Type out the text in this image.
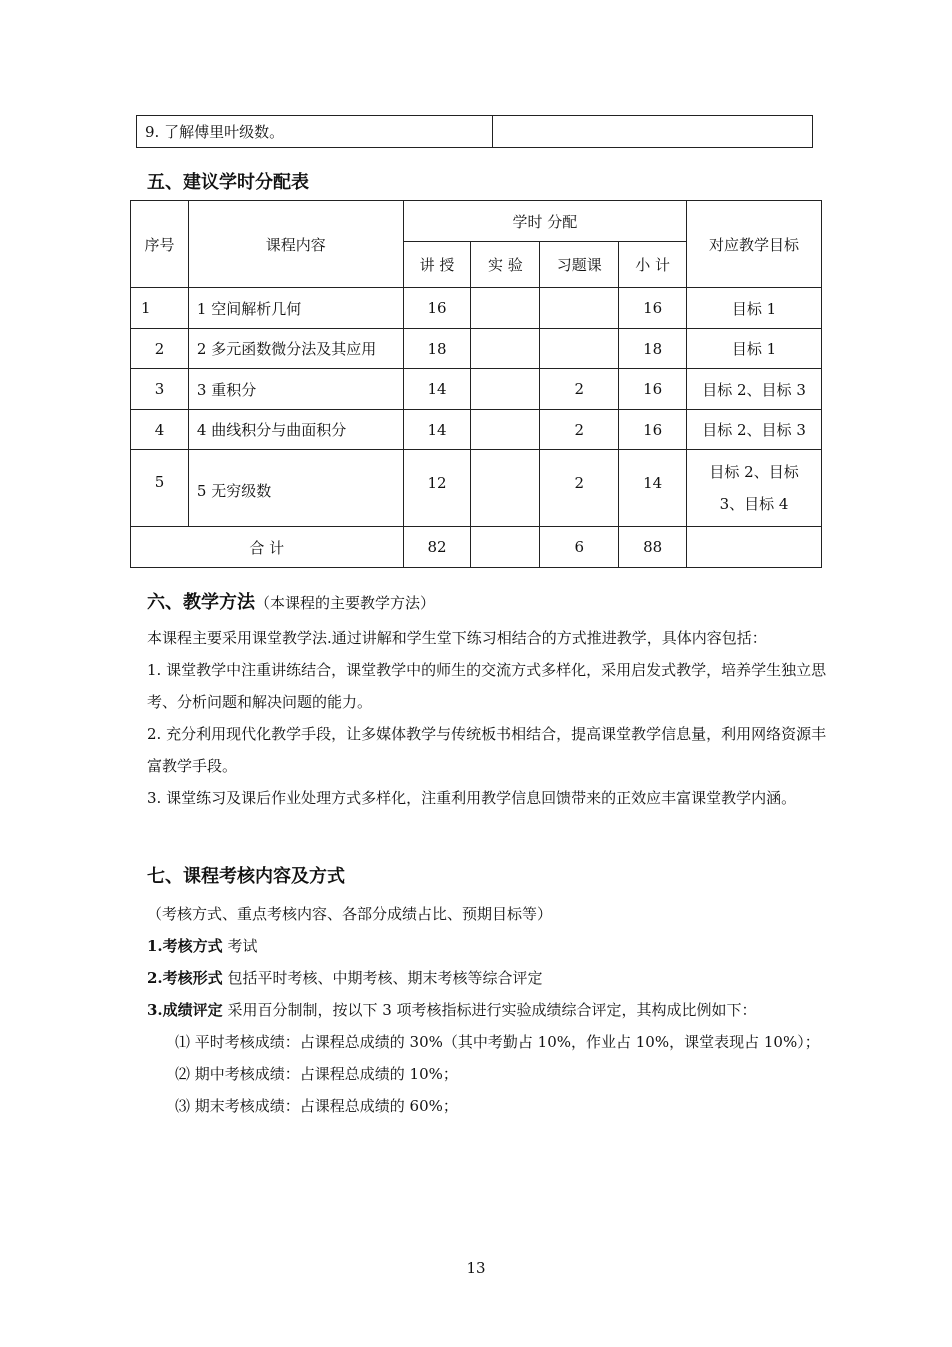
9. 了解傅里叶级数。	
五、建议学时分配表
序号	课程内容	学时 分配				对应教学目标
		讲 授	实 验	习题课	小 计	
1	1 空间解析几何	16			16	目标 1
2	2 多元函数微分法及其应用	18			18	目标 1
3	3 重积分	14		2	16	目标 2、目标 3
4	4 曲线积分与曲面积分	14		2	16	目标 2、目标 3
5	5 无穷级数	12		2	14	目标 2、目标 3、目标 4
合 计		82		6	88	
六、教学方法（本课程的主要教学方法）

本课程主要采用课堂教学法.通过讲解和学生堂下练习相结合的方式推进教学，具体内容包括：

1. 课堂教学中注重讲练结合，课堂教学中的师生的交流方式多样化，采用启发式教学，培养学生独立思考、分析问题和解决问题的能力。

2. 充分利用现代化教学手段，让多媒体教学与传统板书相结合，提高课堂教学信息量，利用网络资源丰富教学手段。

3. 课堂练习及课后作业处理方式多样化，注重利用教学信息回馈带来的正效应丰富课堂教学内涵。

七、课程考核内容及方式

（考核方式、重点考核内容、各部分成绩占比、预期目标等）

1.考核方式 考试

2.考核形式 包括平时考核、中期考核、期末考核等综合评定

3.成绩评定 采用百分制制，按以下 3 项考核指标进行实验成绩综合评定，其构成比例如下：

⑴ 平时考核成绩：占课程总成绩的 30%（其中考勤占 10%，作业占 10%，课堂表现占 10%）；

⑵ 期中考核成绩：占课程总成绩的 10%；

⑶ 期末考核成绩：占课程总成绩的 60%；

13
